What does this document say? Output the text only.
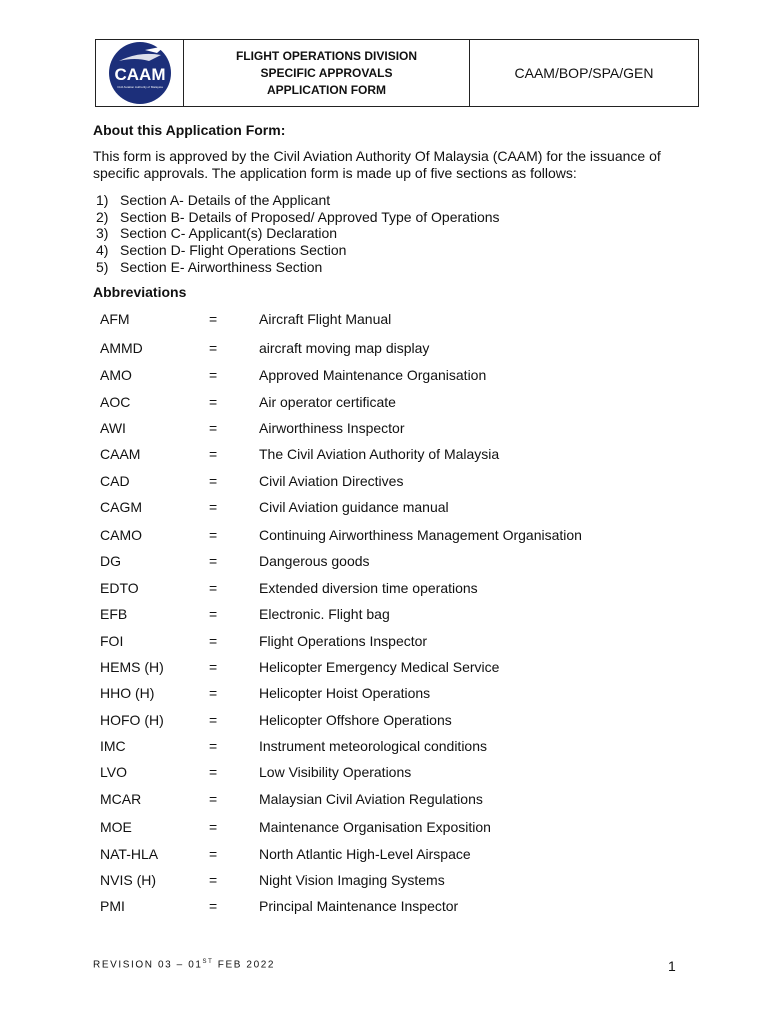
CAAM
Civil Aviation Authority of Malaysia
FLIGHT OPERATIONS DIVISION
SPECIFIC APPROVALS
APPLICATION FORM
CAAM/BOP/SPA/GEN
About this Application Form:
This form is approved by the Civil Aviation Authority Of Malaysia (CAAM) for the issuance of specific approvals. The application form is made up of five sections as follows:
1) Section A- Details of the Applicant
2) Section B- Details of Proposed/ Approved Type of Operations
3) Section C- Applicant(s) Declaration
4) Section D- Flight Operations Section
5) Section E- Airworthiness Section
Abbreviations
AFM	=	Aircraft Flight Manual
AMMD	=	aircraft moving map display
AMO	=	Approved Maintenance Organisation
AOC	=	Air operator certificate
AWI	=	Airworthiness Inspector
CAAM	=	The Civil Aviation Authority of Malaysia
CAD	=	Civil Aviation Directives
CAGM	=	Civil Aviation guidance manual
CAMO	=	Continuing Airworthiness Management Organisation
DG	=	Dangerous goods
EDTO	=	Extended diversion time operations
EFB	=	Electronic. Flight bag
FOI	=	Flight Operations Inspector
HEMS (H)	=	Helicopter Emergency Medical Service
HHO (H)	=	Helicopter Hoist Operations
HOFO (H)	=	Helicopter Offshore Operations
IMC	=	Instrument meteorological conditions
LVO	=	Low Visibility Operations
MCAR	=	Malaysian Civil Aviation Regulations
MOE	=	Maintenance Organisation Exposition
NAT-HLA	=	North Atlantic High-Level Airspace
NVIS (H)	=	Night Vision Imaging Systems
PMI	=	Principal Maintenance Inspector
REVISION 03 – 01ST FEB 2022	1
